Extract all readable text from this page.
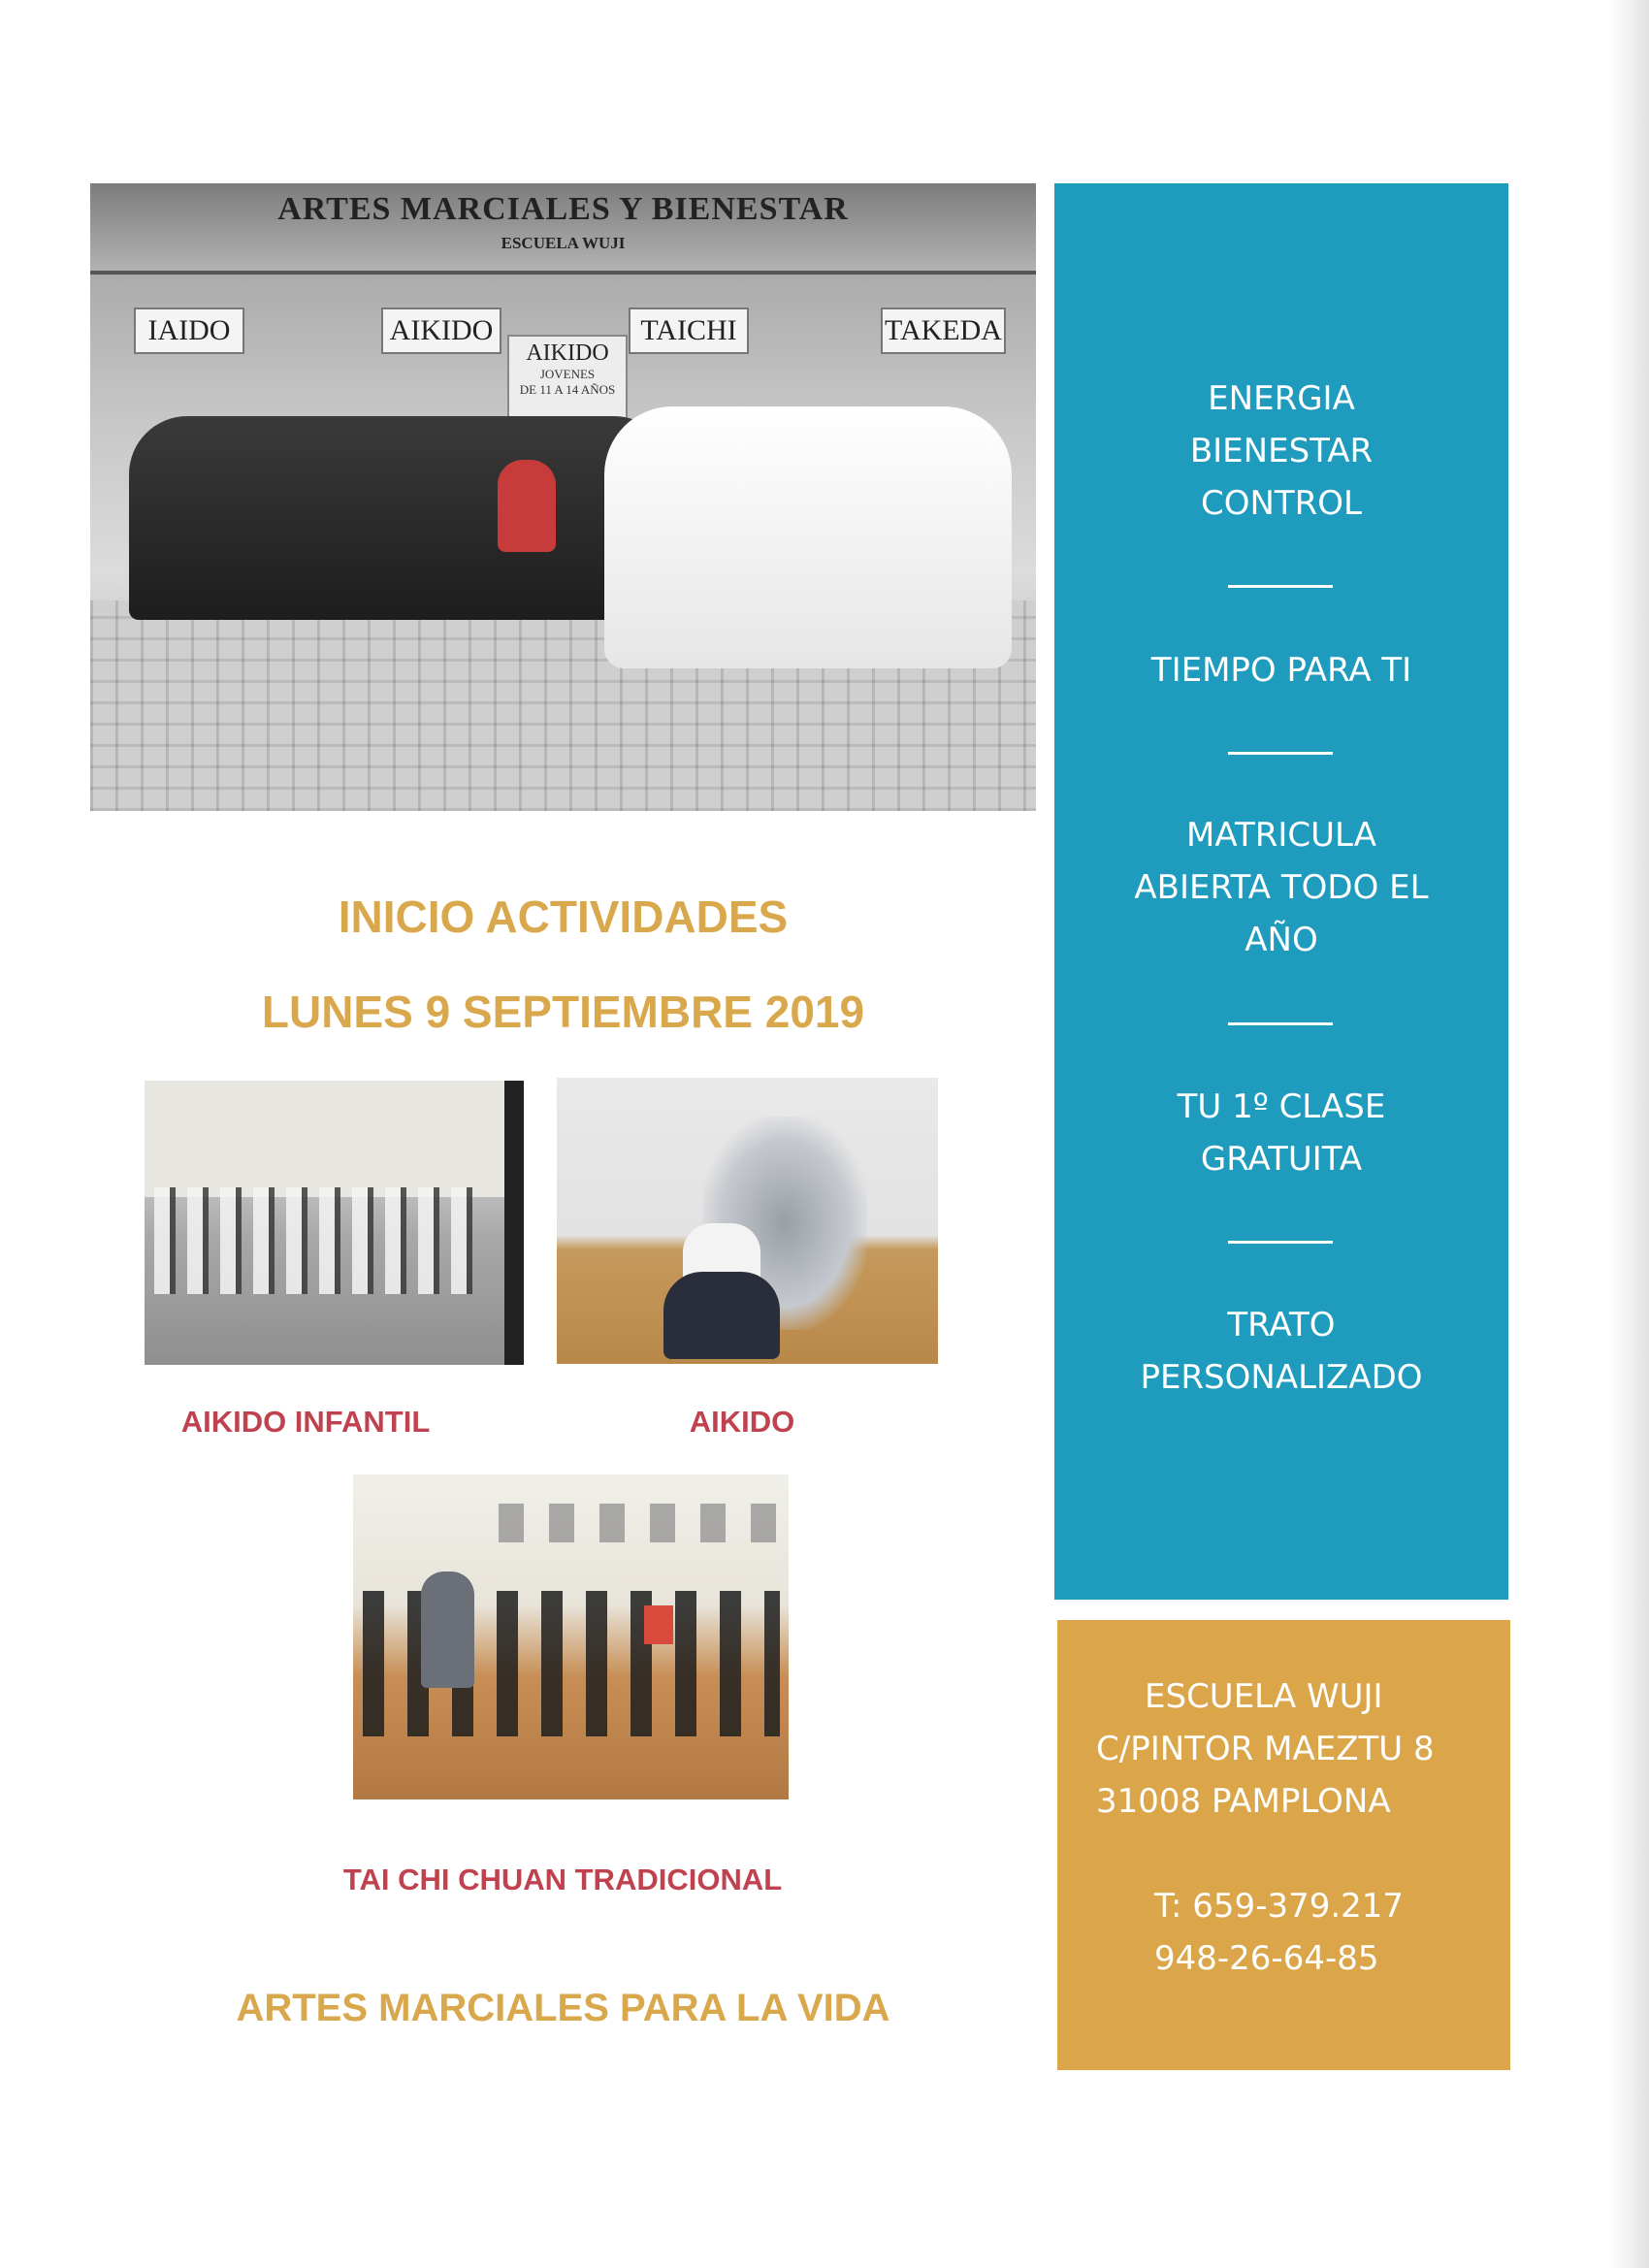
ARTES MARCIALES Y BIENESTAR
ESCUELA WUJI
IAIDO	AIKIDO	TAICHI	TAKEDA
AIKIDO
JOVENES
DE 11 A 14 AÑOS
INICIO ACTIVIDADES
LUNES 9 SEPTIEMBRE 2019
AIKIDO INFANTIL	AIKIDO
TAI CHI CHUAN TRADICIONAL
ARTES MARCIALES PARA LA VIDA
ENERGIA
BIENESTAR
CONTROL
TIEMPO PARA TI
MATRICULA
ABIERTA TODO EL
AÑO
TU 1º CLASE
GRATUITA
TRATO
PERSONALIZADO
ESCUELA WUJI
C/PINTOR MAEZTU 8
31008 PAMPLONA
T: 659-379.217
948-26-64-85
